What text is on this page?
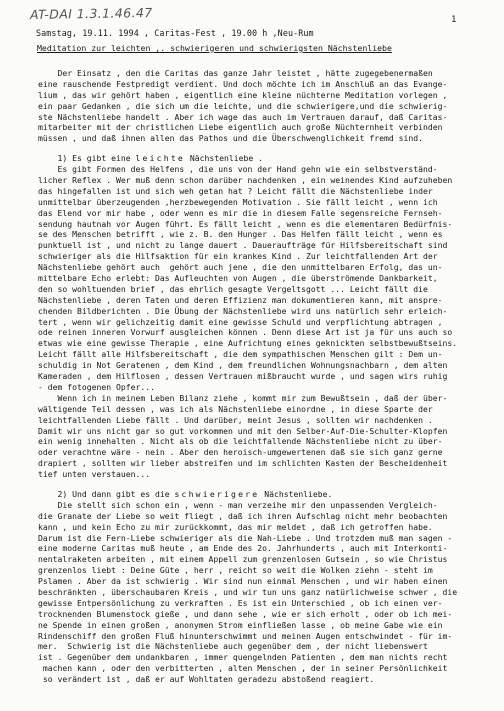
AT-DAI 1.3.1.46.47	1
Samstag, 19.11. 1994 , Caritas-Fest , 19.00 h ,Neu-Rum
Meditation zur leichten ,. schwierigeren und schwierigsten Nächstenliebe
Der Einsatz , den die Caritas das ganze Jahr leistet , hätte zugegebenermaßen
eine rauschende Festpredigt verdient. Und doch möchte ich im Anschluß an das Evange-
lium , das wir gehört haben , eigentlich eine kleine nüchterne Meditation vorlegen ,
ein paar Gedanken , die sich um die leichte, und die schwierigere,und die schwierig-
ste Nächstenliebe handelt . Aber ich wage das auch im Vertrauen darauf, daß Caritas-
mitarbeiter mit der christlichen Liebe eigentlich auch große Nüchternheit verbinden
müssen , und daß ihnen allen das Pathos und die Überschwenglichkeit fremd sind.
1) Es gibt eine leichte Nächstenliebe .
Es gibt Formen des Helfens , die uns von der Hand gehn wie ein selbstverständ-
licher Reflex . Wer muß denn schon darüber nachdenken , ein weinendes Kind aufzuheben
das hingefallen ist und sich weh getan hat ? Leicht fällt die Nächstenliebe inder
unmittelbar überzeugenden ,herzbewegenden Motivation . Sie fällt leicht , wenn ich
das Elend vor mir habe , oder wenn es mir die in diesem Falle segensreiche Fernseh-
sendung hautnah vor Augen führt. Es fällt leicht , wenn es die elementaren Bedürfnis-
se des Menschen betrifft , wie z. B. den Hunger . Das Helfen fällt leicht , wenn es
punktuell ist , und nicht zu lange dauert . Daueraufträge für Hilfsbereitschaft sind
schwieriger als die Hilfsaktion für ein krankes Kind . Zur leichtfallenden Art der
Nächstenliebe gehört auch  gehört auch jene , die den unmittelbaren Erfolg, das un-
mittelbare Echo erlebt: Das Aufleuchten von Augen , die überströmende Dankbarkeit,
den so wohltuenden brief , das ehrlich gesagte Vergeltsgott ... Leicht fällt die
Nächstenliebe , deren Taten und deren Effizienz man dokumentieren kann, mit anspre-
chenden Bildberichten . Die Übung der Nächstenliebe wird uns natürlich sehr erleich-
tert , wenn wir gelichzeitig damit eine gewisse Schuld und verpflichtung abtragen ,
ode reinen inneren Vorwurf ausgleichen können . Denn diese Art ist ja für uns auch so
etwas wie eine gewisse Therapie , eine Aufrichtung eines geknickten selbstbewußtseins.
Leicht fällt alle Hilfsbereitschaft , die dem sympathischen Menschen gilt : Dem un-
schuldig in Not Geratenen , dem Kind , dem freundlichen Wohnungsnachbarn , dem alten
Kameraden , dem Hilflosen , dessen Vertrauen mißbraucht wurde , und sagen wirs ruhig
- dem fotogenen Opfer...
Wenn ich in meinem Leben Bilanz ziehe , kommt mir zum Bewußtsein , daß der über-
wältigende Teil dessen , was ich als Nächstenliebe einordne , in diese Sparte der
leichtfallenden Liebe fällt . Und darüber, meint Jesus , sollten wir nachdenken .
Damit wir uns nicht gar so gut vorkommen und mit den Selber-Auf-Die-Schulter-Klopfen
ein wenig innehalten . Nicht als ob die leichtfallende Nächstenliebe nicht zu über-
oder verachtne wäre - nein . Aber den heroisch-umgewertenen daß sie sich ganz gerne
drapiert , sollten wir lieber abstreifen und im schlichten Kasten der Bescheidenheit
tief unten verstauen...
2) Und dann gibt es die schwierigere Nächstenliebe.
Die stellt sich schon ein , wenn - man verzeihe mir den unpassenden Vergleich-
die Granate der Liebe so weit fliegt , daß ich ihren Aufschlag nicht mehr beobachten
kann , und kein Echo zu mir zurückkommt, das mir meldet , daß ich getroffen habe.
Darum ist die Fern-Liebe schwieriger als die Nah-Liebe . Und trotzdem muß man sagen -
eine moderne Caritas muß heute , am Ende des 2o. Jahrhunderts , auch mit Interkonti-
nentalraketen arbeiten , mit einem Appell zum grenzenlosen Gutsein , so wie Christus
grenzenlos liebt : Deine Güte , herr , reicht so weit die Wolken ziehn - steht im
Pslamen . Aber da ist schwierig . Wir sind nun einmal Menschen , und wir haben einen
beschränkten , überschaubaren Kreis , und wir tun uns ganz natürlichweise schwer , die
gewisse Entpersönlichung zu verkraften . Es ist ein Unterschied , ob ich einen ver-
trocknenden Blumenstock gieße , und dann sehe , wie er sich erholt , oder ob ich mei-
ne Spende in einen großen , anonymen Strom einfließen lasse , ob meine Gabe wie ein
Rindenschiff den großen Fluß hinunterschwimmt und meinen Augen entschwindet - für im-
mer.  Schwierig ist die Nächstenliebe auch gegenüber dem , der nicht liebenswert
ist . Gegenüber dem undankbaren , immer quengelnden Patienten , dem man nichts recht
machen kann , oder den verbitterten , alten Menschen , der in seiner Persönlichkeit
so verändert ist , daß er auf Wohltaten geradezu abstoßend reagiert.
